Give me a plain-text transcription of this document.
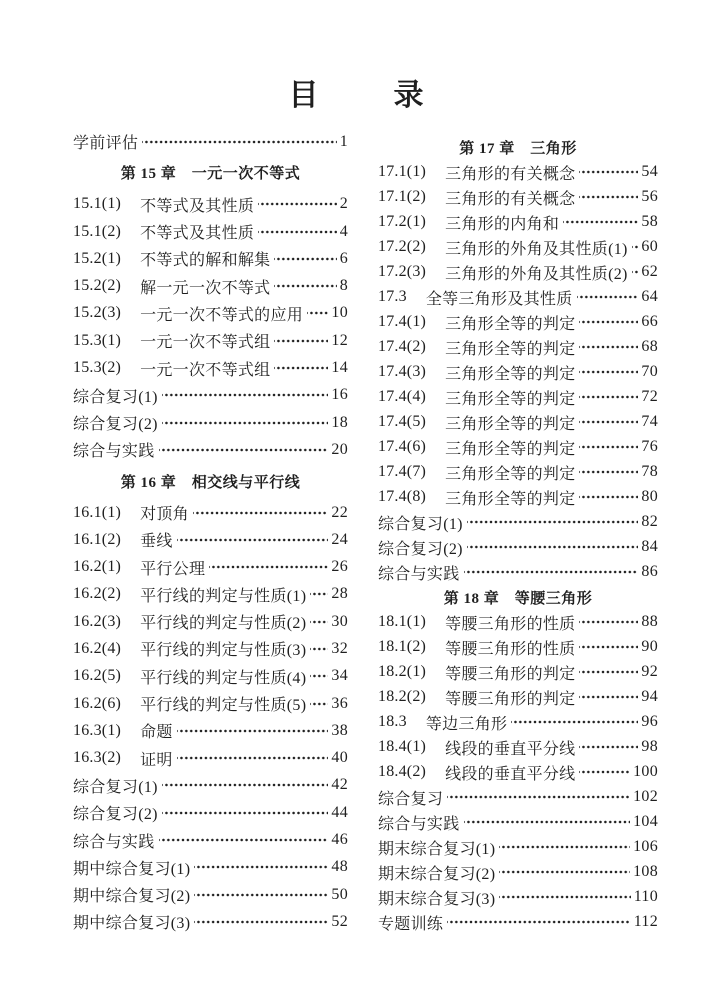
目　　录
学前评估	1
第 15 章　一元一次不等式
15.1(1) 不等式及其性质	2
15.1(2) 不等式及其性质	4
15.2(1) 不等式的解和解集	6
15.2(2) 解一元一次不等式	8
15.2(3) 一元一次不等式的应用 10
15.3(1) 一元一次不等式组	12
15.3(2) 一元一次不等式组	14
综合复习(1)	16
综合复习(2)	18
综合与实践	20
第 16 章　相交线与平行线
16.1(1) 对顶角	22
16.1(2) 垂线	24
16.2(1) 平行公理	26
16.2(2) 平行线的判定与性质(1) 28
16.2(3) 平行线的判定与性质(2) 30
16.2(4) 平行线的判定与性质(3) 32
16.2(5) 平行线的判定与性质(4) 34
16.2(6) 平行线的判定与性质(5) 36
16.3(1) 命题	38
16.3(2) 证明	40
综合复习(1)	42
综合复习(2)	44
综合与实践	46
期中综合复习(1)	48
期中综合复习(2)	50
期中综合复习(3)	52
第 17 章　三角形
17.1(1) 三角形的有关概念	54
17.1(2) 三角形的有关概念	56
17.2(1) 三角形的内角和	58
17.2(2) 三角形的外角及其性质(1) 60
17.2(3) 三角形的外角及其性质(2) 62
17.3 全等三角形及其性质	64
17.4(1) 三角形全等的判定	66
17.4(2) 三角形全等的判定	68
17.4(3) 三角形全等的判定	70
17.4(4) 三角形全等的判定	72
17.4(5) 三角形全等的判定	74
17.4(6) 三角形全等的判定	76
17.4(7) 三角形全等的判定	78
17.4(8) 三角形全等的判定	80
综合复习(1)	82
综合复习(2)	84
综合与实践	86
第 18 章　等腰三角形
18.1(1) 等腰三角形的性质	88
18.1(2) 等腰三角形的性质	90
18.2(1) 等腰三角形的判定	92
18.2(2) 等腰三角形的判定	94
18.3 等边三角形	96
18.4(1) 线段的垂直平分线	98
18.4(2) 线段的垂直平分线	100
综合复习	102
综合与实践	104
期末综合复习(1)	106
期末综合复习(2)	108
期末综合复习(3)	110
专题训练	112
